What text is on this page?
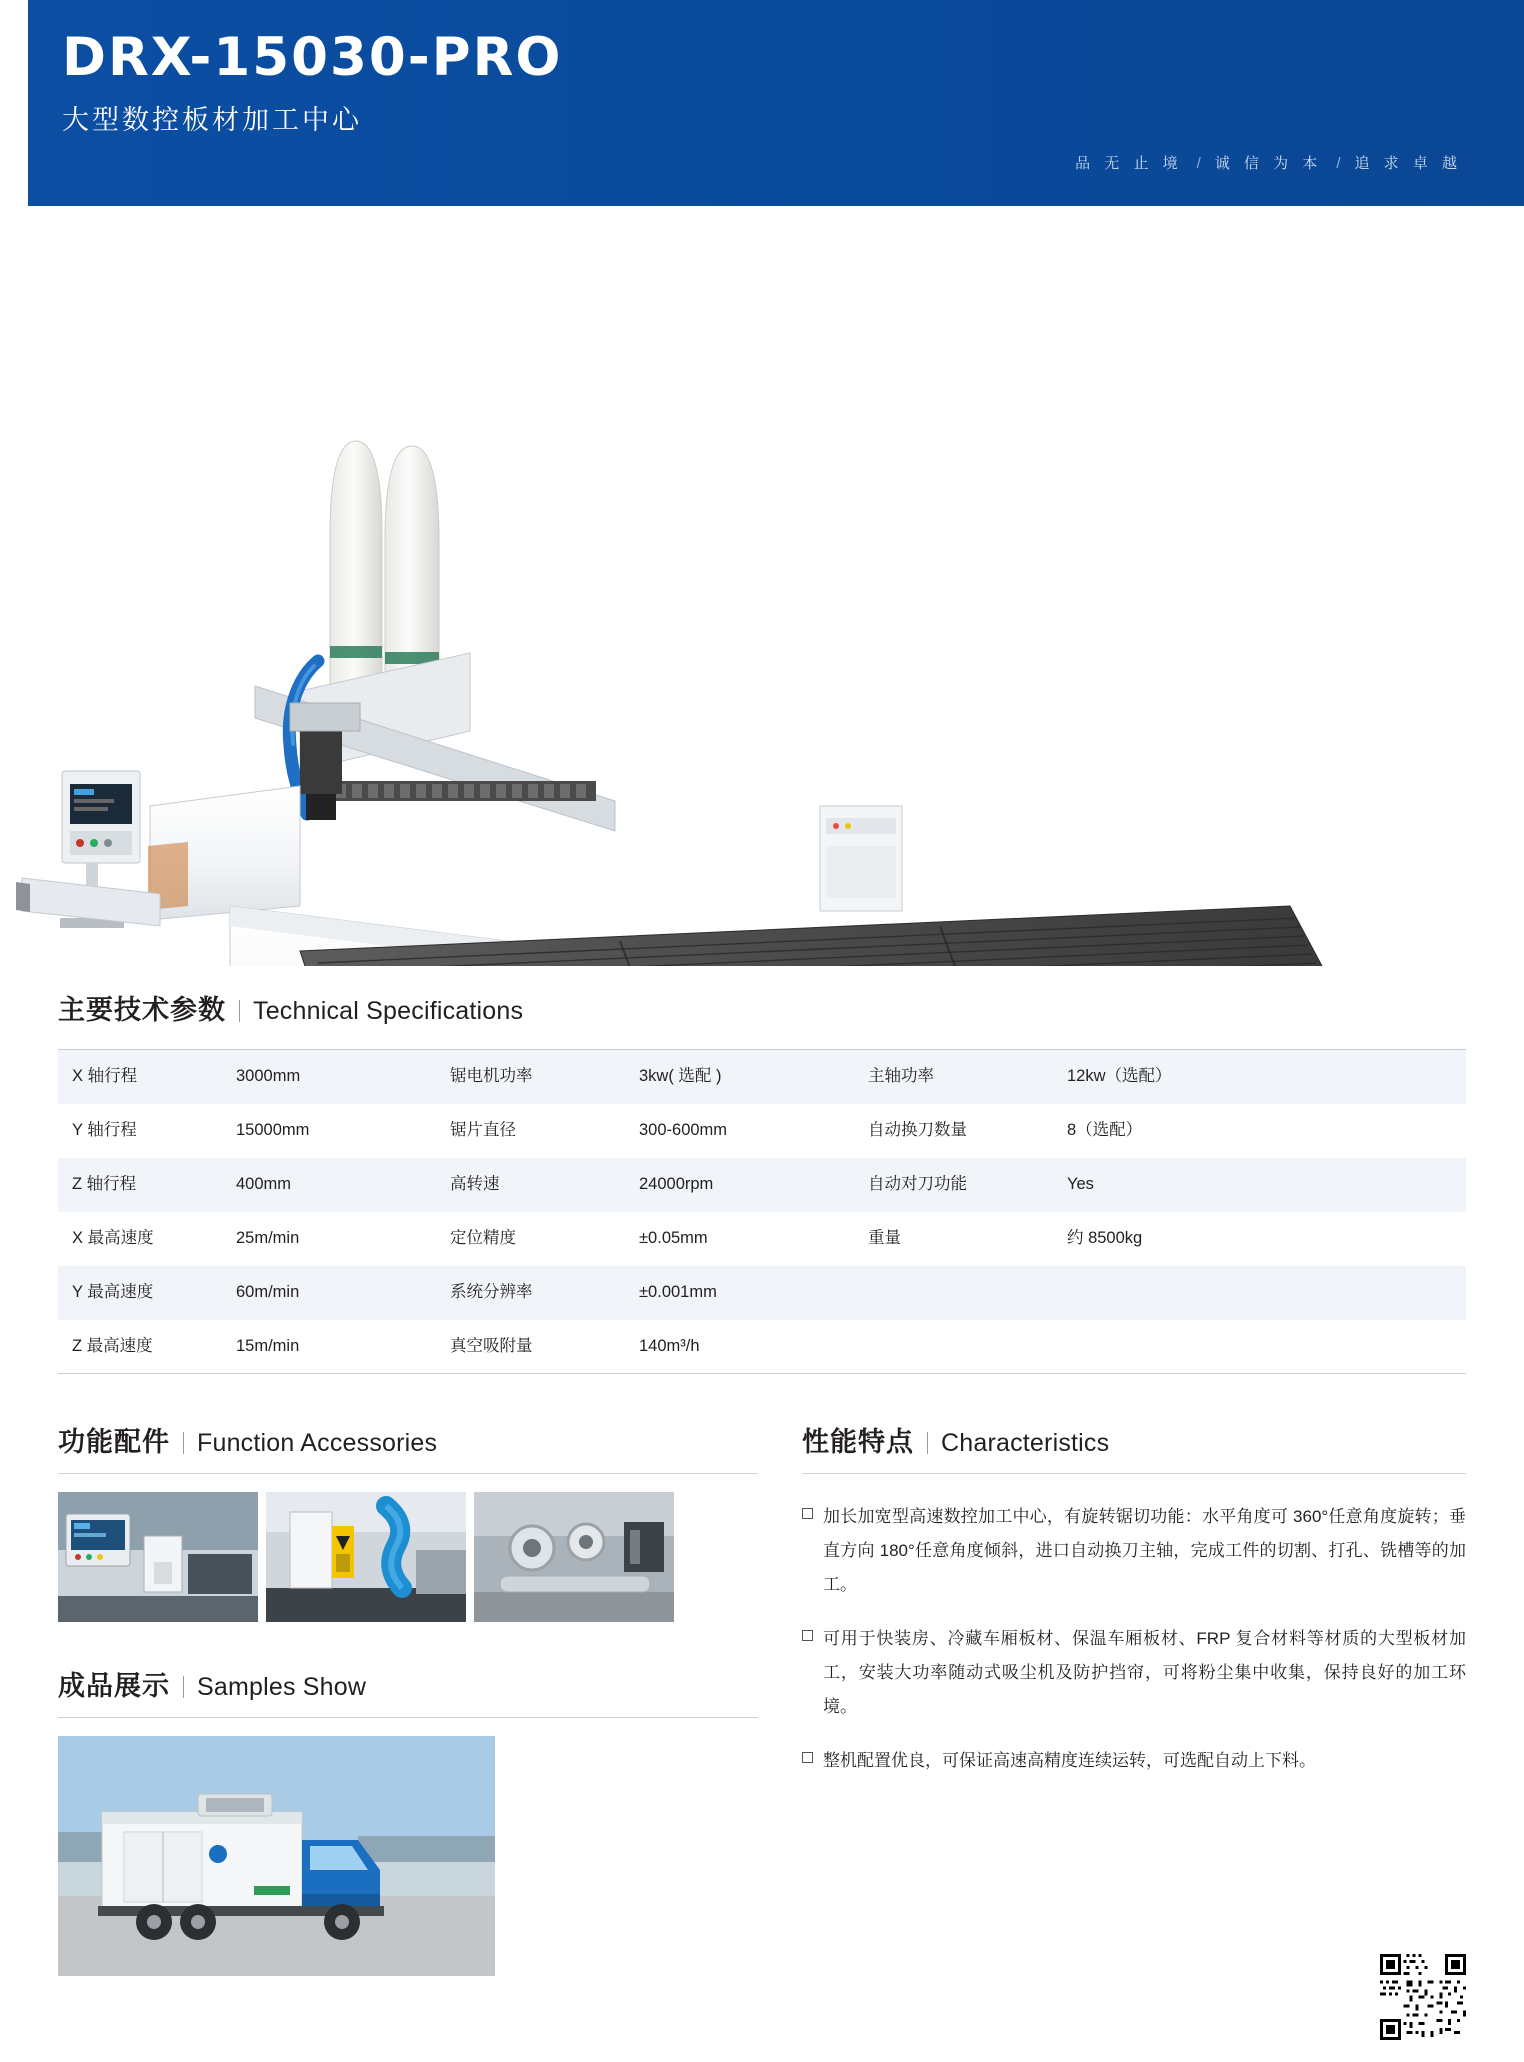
DRX-15030-PRO
大型数控板材加工中心
品 无 止 境 / 诚 信 为 本 / 追 求 卓 越
主要技术参数 Technical Specifications
X 轴行程	3000mm	锯电机功率	3kw( 选配 )	主轴功率	12kw（选配）
Y 轴行程	15000mm	锯片直径	300-600mm	自动换刀数量	8（选配）
Z 轴行程	400mm	高转速	24000rpm	自动对刀功能	Yes
X 最高速度	25m/min	定位精度	±0.05mm	重量	约 8500kg
Y 最高速度	60m/min	系统分辨率	±0.001mm		
Z 最高速度	15m/min	真空吸附量	140m³/h		
功能配件 Function Accessories
成品展示 Samples Show
性能特点 Characteristics
加长加宽型高速数控加工中心，有旋转锯切功能：水平角度可 360°任意角度旋转；垂直方向 180°任意角度倾斜，进口自动换刀主轴，完成工件的切割、打孔、铣槽等的加工。
可用于快装房、冷藏车厢板材、保温车厢板材、FRP 复合材料等材质的大型板材加工，安装大功率随动式吸尘机及防护挡帘，可将粉尘集中收集，保持良好的加工环境。
整机配置优良，可保证高速高精度连续运转，可选配自动上下料。
